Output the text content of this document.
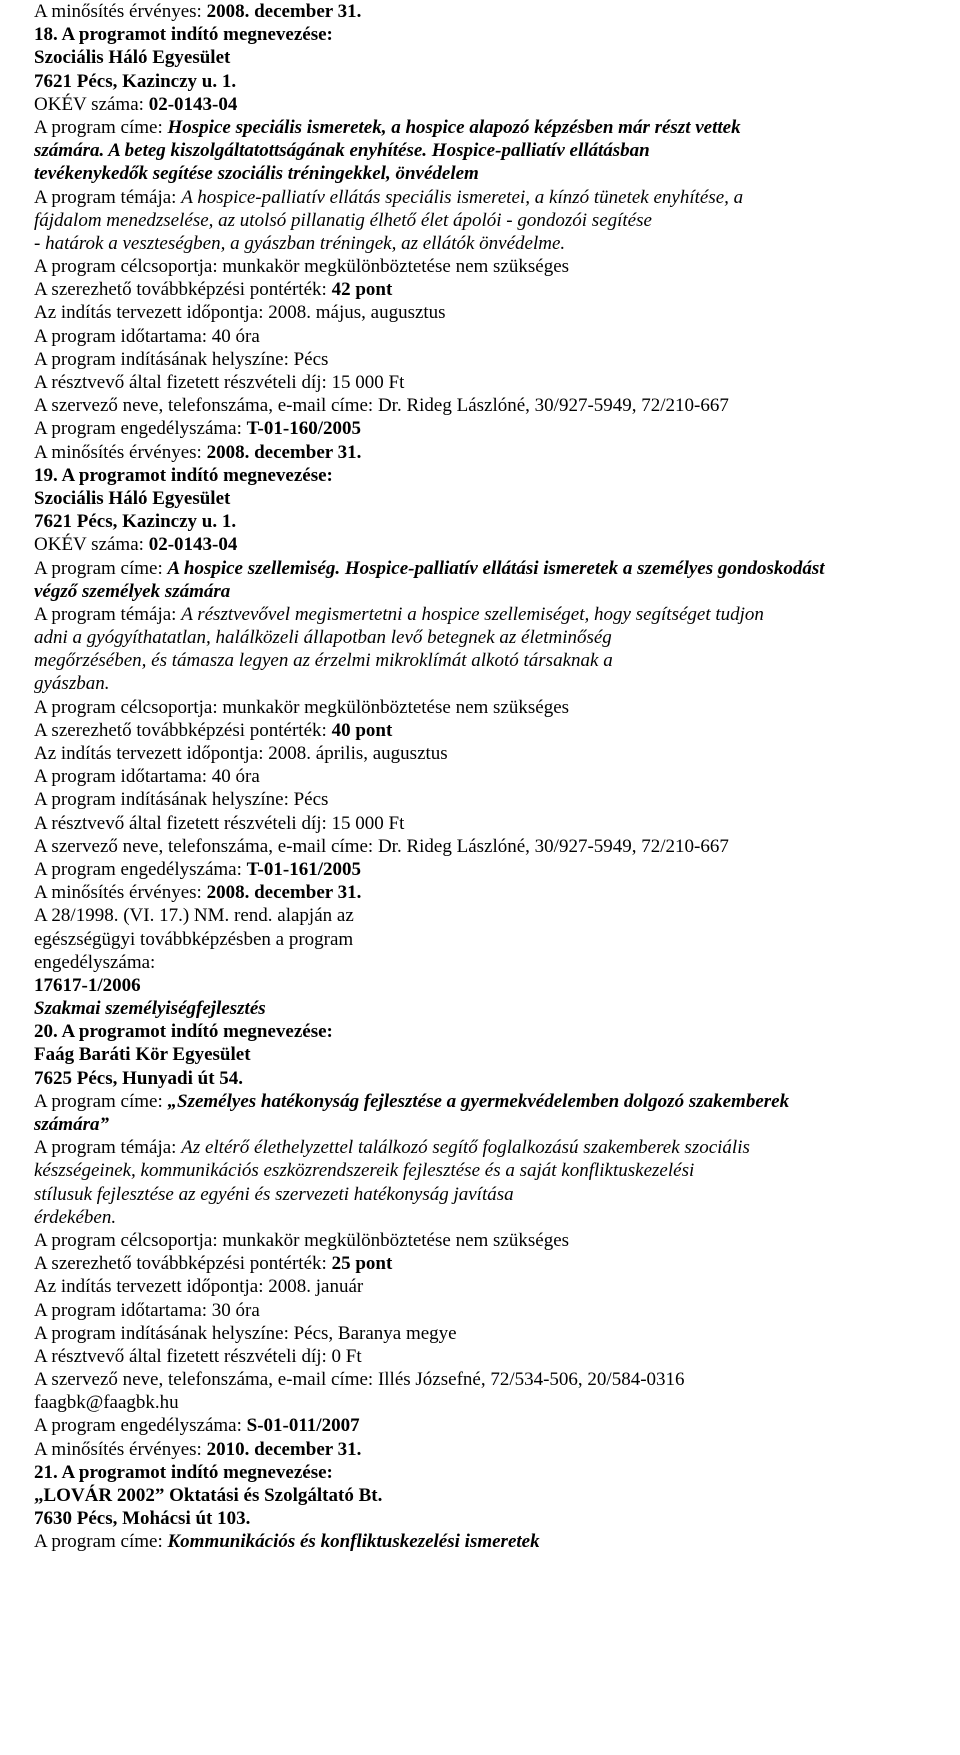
A minősítés érvényes: 2008. december 31.
18. A programot indító megnevezése:
Szociális Háló Egyesület
7621 Pécs, Kazinczy u. 1.
OKÉV száma: 02-0143-04
A program címe: Hospice speciális ismeretek, a hospice alapozó képzésben már részt vettek
számára. A beteg kiszolgáltatottságának enyhítése. Hospice-palliatív ellátásban
tevékenykedők segítése szociális tréningekkel, önvédelem
A program témája: A hospice-palliatív ellátás speciális ismeretei, a kínzó tünetek enyhítése, a
fájdalom menedzselése, az utolsó pillanatig élhető élet ápolói - gondozói segítése
- határok a veszteségben, a gyászban tréningek, az ellátók önvédelme.
A program célcsoportja: munkakör megkülönböztetése nem szükséges
A szerezhető továbbképzési pontérték: 42 pont
Az indítás tervezett időpontja: 2008. május, augusztus
A program időtartama: 40 óra
A program indításának helyszíne: Pécs
A résztvevő által fizetett részvételi díj: 15 000 Ft
A szervező neve, telefonszáma, e-mail címe: Dr. Rideg Lászlóné, 30/927-5949, 72/210-667
A program engedélyszáma: T-01-160/2005
A minősítés érvényes: 2008. december 31.
19. A programot indító megnevezése:
Szociális Háló Egyesület
7621 Pécs, Kazinczy u. 1.
OKÉV száma: 02-0143-04
A program címe: A hospice szellemiség. Hospice-palliatív ellátási ismeretek a személyes gondoskodást
végző személyek számára
A program témája: A résztvevővel megismertetni a hospice szellemiséget, hogy segítséget tudjon
adni a gyógyíthatatlan, halálközeli állapotban levő betegnek az életminőség
megőrzésében, és támasza legyen az érzelmi mikroklímát alkotó társaknak a
gyászban.
A program célcsoportja: munkakör megkülönböztetése nem szükséges
A szerezhető továbbképzési pontérték: 40 pont
Az indítás tervezett időpontja: 2008. április, augusztus
A program időtartama: 40 óra
A program indításának helyszíne: Pécs
A résztvevő által fizetett részvételi díj: 15 000 Ft
A szervező neve, telefonszáma, e-mail címe: Dr. Rideg Lászlóné, 30/927-5949, 72/210-667
A program engedélyszáma: T-01-161/2005
A minősítés érvényes: 2008. december 31.
A 28/1998. (VI. 17.) NM. rend. alapján az
egészségügyi továbbképzésben a program
engedélyszáma:
17617-1/2006
Szakmai személyiségfejlesztés
20. A programot indító megnevezése:
Faág Baráti Kör Egyesület
7625 Pécs, Hunyadi út 54.
A program címe: „Személyes hatékonyság fejlesztése a gyermekvédelemben dolgozó szakemberek
számára”
A program témája: Az eltérő élethelyzettel találkozó segítő foglalkozású szakemberek szociális
készségeinek, kommunikációs eszközrendszereik fejlesztése és a saját konfliktuskezelési
stílusuk fejlesztése az egyéni és szervezeti hatékonyság javítása
érdekében.
A program célcsoportja: munkakör megkülönböztetése nem szükséges
A szerezhető továbbképzési pontérték: 25 pont
Az indítás tervezett időpontja: 2008. január
A program időtartama: 30 óra
A program indításának helyszíne: Pécs, Baranya megye
A résztvevő által fizetett részvételi díj: 0 Ft
A szervező neve, telefonszáma, e-mail címe: Illés Józsefné, 72/534-506, 20/584-0316
faagbk@faagbk.hu
A program engedélyszáma: S-01-011/2007
A minősítés érvényes: 2010. december 31.
21. A programot indító megnevezése:
„LOVÁR 2002” Oktatási és Szolgáltató Bt.
7630 Pécs, Mohácsi út 103.
A program címe: Kommunikációs és konfliktuskezelési ismeretek
